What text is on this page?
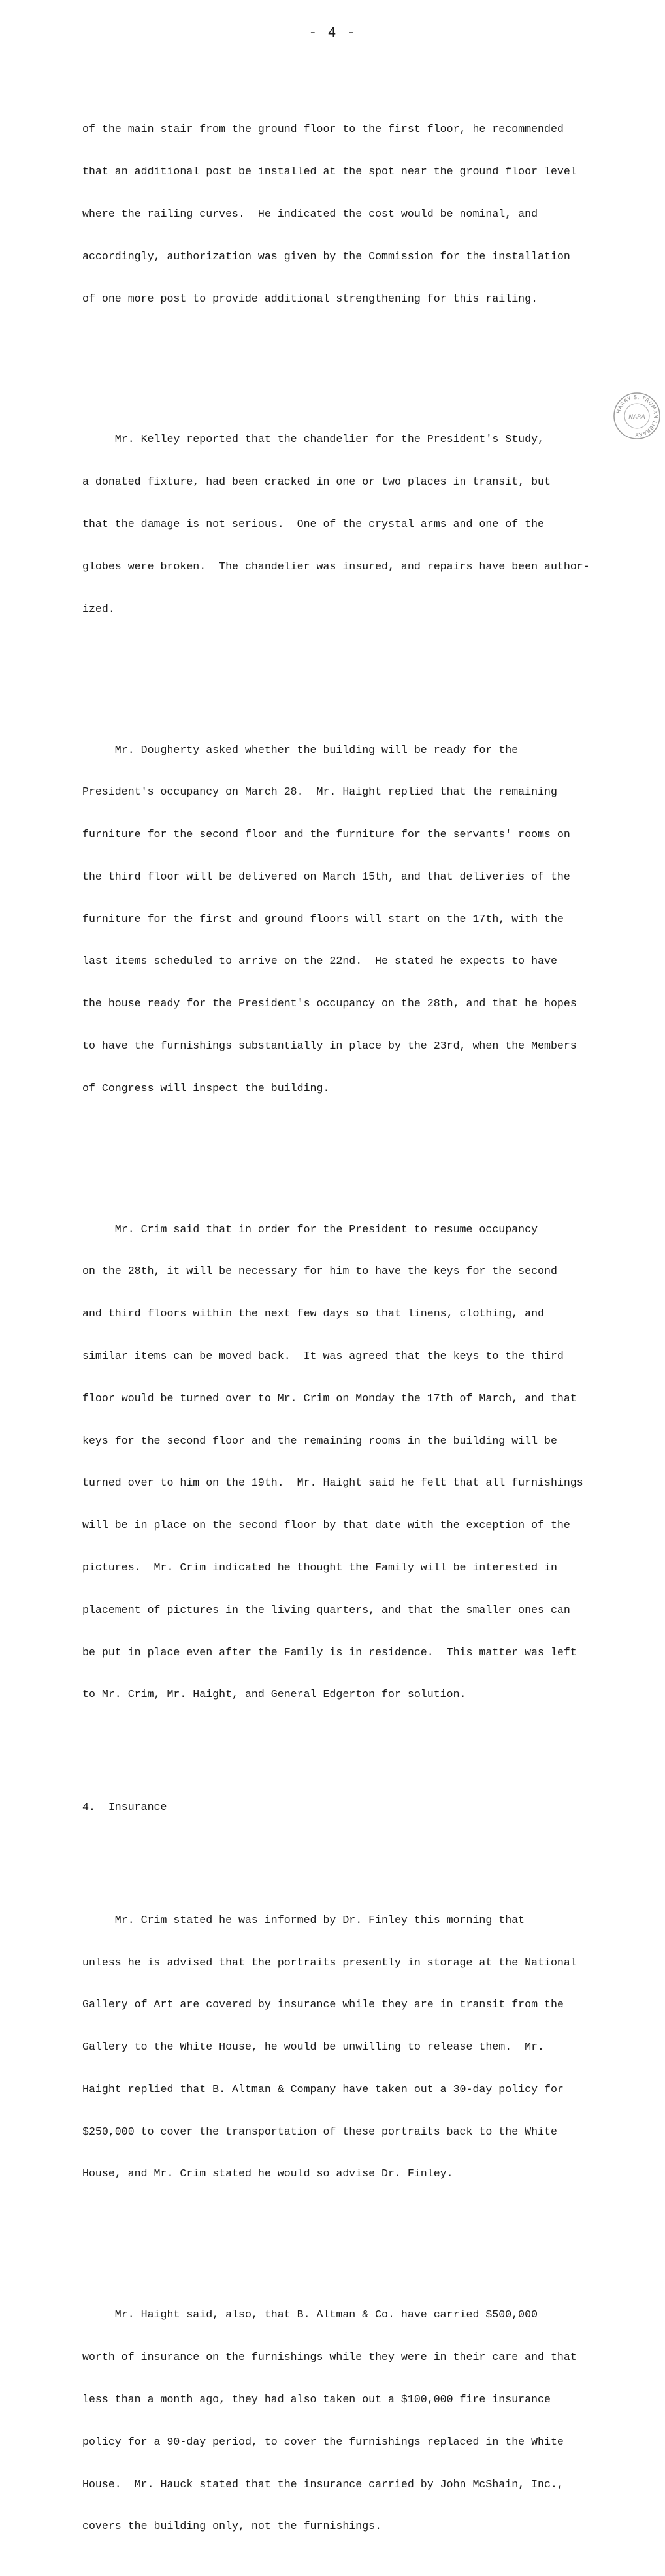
- 4 -

of the main stair from the ground floor to the first floor, he recommended

that an additional post be installed at the spot near the ground floor level

where the railing curves.  He indicated the cost would be nominal, and

accordingly, authorization was given by the Commission for the installation

of one more post to provide additional strengthening for this railing.

Mr. Kelley reported that the chandelier for the President's Study,

a donated fixture, had been cracked in one or two places in transit, but

that the damage is not serious.  One of the crystal arms and one of the

globes were broken.  The chandelier was insured, and repairs have been author-

ized.

Mr. Dougherty asked whether the building will be ready for the

President's occupancy on March 28.  Mr. Haight replied that the remaining

furniture for the second floor and the furniture for the servants' rooms on

the third floor will be delivered on March 15th, and that deliveries of the

furniture for the first and ground floors will start on the 17th, with the

last items scheduled to arrive on the 22nd.  He stated he expects to have

the house ready for the President's occupancy on the 28th, and that he hopes

to have the furnishings substantially in place by the 23rd, when the Members

of Congress will inspect the building.

Mr. Crim said that in order for the President to resume occupancy

on the 28th, it will be necessary for him to have the keys for the second

and third floors within the next few days so that linens, clothing, and

similar items can be moved back.  It was agreed that the keys to the third

floor would be turned over to Mr. Crim on Monday the 17th of March, and that

keys for the second floor and the remaining rooms in the building will be

turned over to him on the 19th.  Mr. Haight said he felt that all furnishings

will be in place on the second floor by that date with the exception of the

pictures.  Mr. Crim indicated he thought the Family will be interested in

placement of pictures in the living quarters, and that the smaller ones can

be put in place even after the Family is in residence.  This matter was left

to Mr. Crim, Mr. Haight, and General Edgerton for solution.

4. Insurance

Mr. Crim stated he was informed by Dr. Finley this morning that

unless he is advised that the portraits presently in storage at the National

Gallery of Art are covered by insurance while they are in transit from the

Gallery to the White House, he would be unwilling to release them.  Mr.

Haight replied that B. Altman & Company have taken out a 30-day policy for

$250,000 to cover the transportation of these portraits back to the White

House, and Mr. Crim stated he would so advise Dr. Finley.

Mr. Haight said, also, that B. Altman & Co. have carried $500,000

worth of insurance on the furnishings while they were in their care and that

less than a month ago, they had also taken out a $100,000 fire insurance

policy for a 90-day period, to cover the furnishings replaced in the White

House.  Mr. Hauck stated that the insurance carried by John McShain, Inc.,

covers the building only, not the furnishings.

HARRY S. TRUMAN LIBRARY
NARA
